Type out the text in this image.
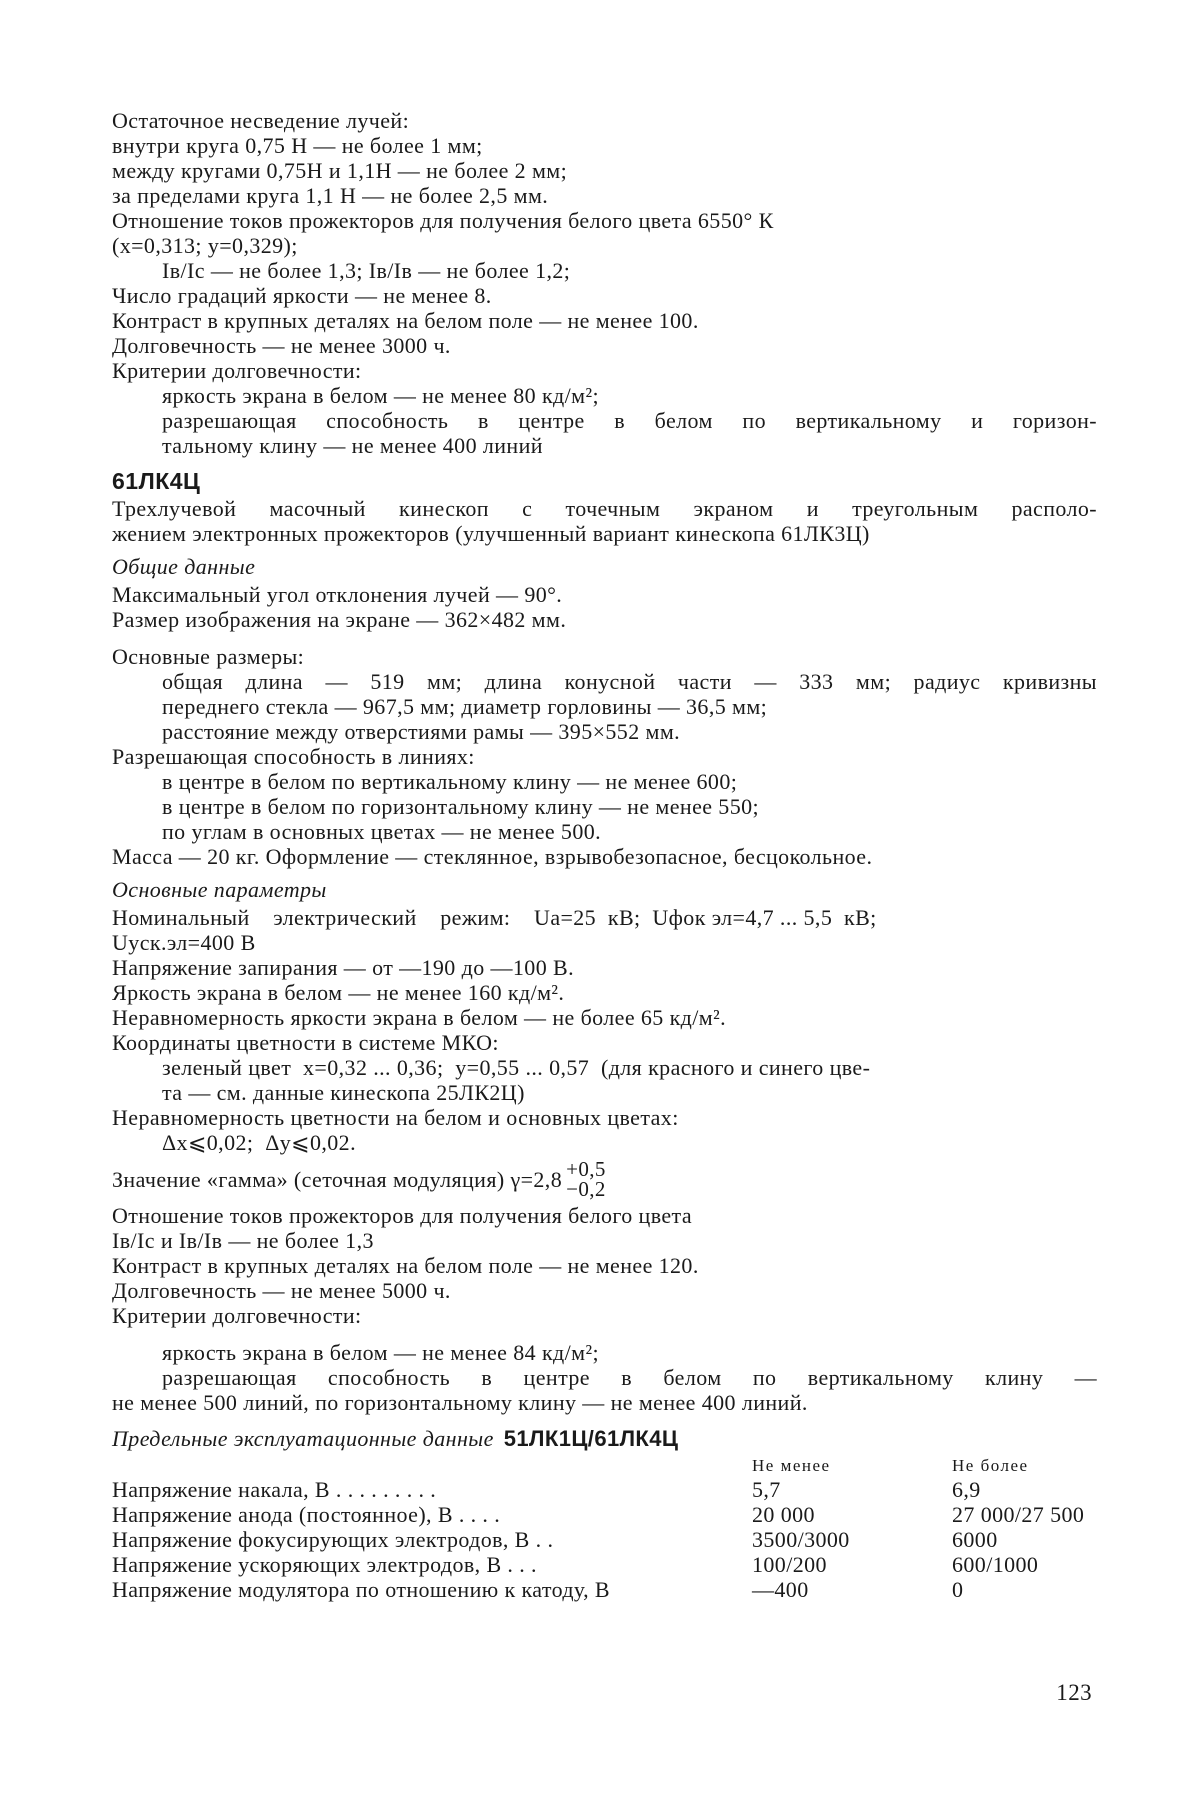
Остаточное несведение лучей:
внутри круга 0,75 Н — не более 1 мм;
между кругами 0,75Н и 1,1Н — не более 2 мм;
за пределами круга 1,1 Н — не более 2,5 мм.
Отношение токов прожекторов для получения белого цвета 6550° К
(x=0,313; y=0,329);
Iв/Iс — не более 1,3; Iв/Iв — не более 1,2;
Число градаций яркости — не менее 8.
Контраст в крупных деталях на белом поле — не менее 100.
Долговечность — не менее 3000 ч.
Критерии долговечности:
яркость экрана в белом — не менее 80 кд/м²;
разрешающая способность в центре в белом по вертикальному и горизон-
тальному клину — не менее 400 линий
61ЛК4Ц
Трехлучевой масочный кинескоп с точечным экраном и треугольным располо-
жением электронных прожекторов (улучшенный вариант кинескопа 61ЛК3Ц)
Общие данные
Максимальный угол отклонения лучей — 90°.
Размер изображения на экране — 362×482 мм.
Основные размеры:
общая длина — 519 мм; длина конусной части — 333 мм; радиус кривизны
переднего стекла — 967,5 мм; диаметр горловины — 36,5 мм;
расстояние между отверстиями рамы — 395×552 мм.
Разрешающая способность в линиях:
в центре в белом по вертикальному клину — не менее 600;
в центре в белом по горизонтальному клину — не менее 550;
по углам в основных цветах — не менее 500.
Масса — 20 кг. Оформление — стеклянное, взрывобезопасное, бесцокольное.
Основные параметры
Номинальный    электрический    режим:    Uа=25  кВ;  Uфок эл=4,7 ... 5,5  кВ;
Uуск.эл=400 В
Напряжение запирания — от —190 до —100 В.
Яркость экрана в белом — не менее 160 кд/м².
Неравномерность яркости экрана в белом — не более 65 кд/м².
Координаты цветности в системе МКО:
зеленый цвет  x=0,32 ... 0,36;  y=0,55 ... 0,57  (для красного и синего цве-
та — см. данные кинескопа 25ЛК2Ц)
Неравномерность цветности на белом и основных цветах:
Δx⩽0,02;  Δy⩽0,02.
Значение «гамма» (сеточная модуляция) γ=2,8 +0,5
−0,2
Отношение токов прожекторов для получения белого цвета
Iв/Iс и Iв/Iв — не более 1,3
Контраст в крупных деталях на белом поле — не менее 120.
Долговечность — не менее 5000 ч.
Критерии долговечности:
яркость экрана в белом — не менее 84 кд/м²;
разрешающая способность в центре в белом по вертикальному клину —
не менее 500 линий, по горизонтальному клину — не менее 400 линий.
Предельные эксплуатационные данные 51ЛК1Ц/61ЛК4Ц
	Не менее	Не более
Напряжение накала, В . . . . . . . . .	5,7	6,9
Напряжение анода (постоянное), В . . . .	20 000	27 000/27 500
Напряжение фокусирующих электродов, В . .	3500/3000	6000
Напряжение ускоряющих электродов, В . . .	100/200	600/1000
Напряжение модулятора по отношению к катоду, В	—400	0
123
